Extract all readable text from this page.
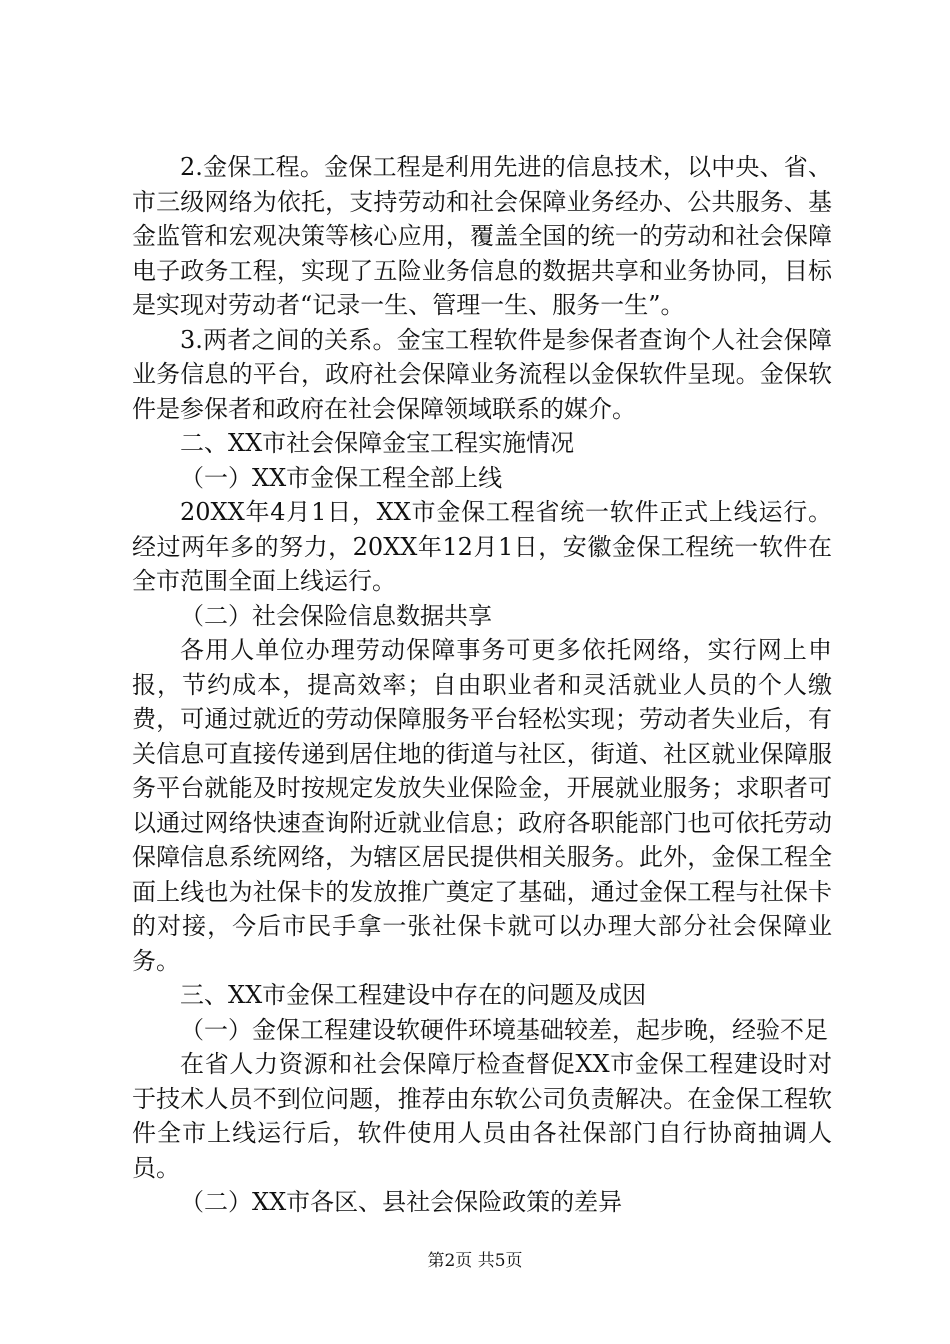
2.金保工程。金保工程是利用先进的信息技术，以中央、省、市三级网络为依托，支持劳动和社会保障业务经办、公共服务、基金监管和宏观决策等核心应用，覆盖全国的统一的劳动和社会保障电子政务工程，实现了五险业务信息的数据共享和业务协同，目标是实现对劳动者“记录一生、管理一生、服务一生”。

3.两者之间的关系。金宝工程软件是参保者查询个人社会保障业务信息的平台，政府社会保障业务流程以金保软件呈现。金保软件是参保者和政府在社会保障领域联系的媒介。

二、XX市社会保障金宝工程实施情况

（一）XX市金保工程全部上线

20XX年4月1日，XX市金保工程省统一软件正式上线运行。经过两年多的努力，20XX年12月1日，安徽金保工程统一软件在全市范围全面上线运行。

（二）社会保险信息数据共享

各用人单位办理劳动保障事务可更多依托网络，实行网上申报，节约成本，提高效率；自由职业者和灵活就业人员的个人缴费，可通过就近的劳动保障服务平台轻松实现；劳动者失业后，有关信息可直接传递到居住地的街道与社区，街道、社区就业保障服务平台就能及时按规定发放失业保险金，开展就业服务；求职者可以通过网络快速查询附近就业信息；政府各职能部门也可依托劳动保障信息系统网络，为辖区居民提供相关服务。此外，金保工程全面上线也为社保卡的发放推广奠定了基础，通过金保工程与社保卡的对接，今后市民手拿一张社保卡就可以办理大部分社会保障业务。

三、XX市金保工程建设中存在的问题及成因

（一）金保工程建设软硬件环境基础较差，起步晚，经验不足

在省人力资源和社会保障厅检查督促XX市金保工程建设时对于技术人员不到位问题，推荐由东软公司负责解决。在金保工程软件全市上线运行后，软件使用人员由各社保部门自行协商抽调人员。

（二）XX市各区、县社会保险政策的差异

第2页 共5页
